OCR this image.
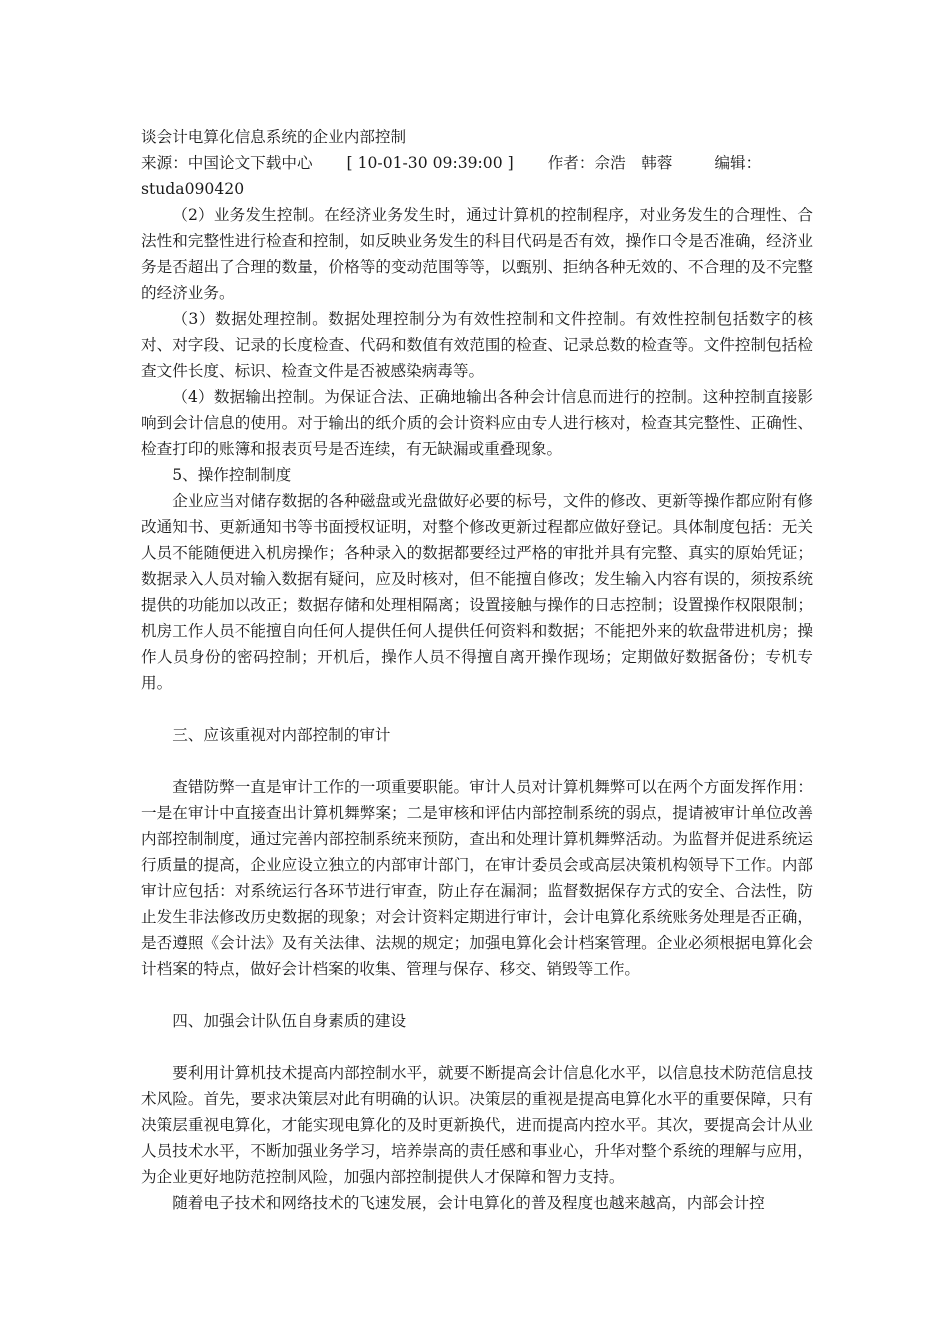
谈会计电算化信息系统的企业内部控制
来源：中国论文下载中心 [ 10-01-30 09:39:00 ] 作者：佘浩　韩蓉	编辑：
studa090420

（2）业务发生控制。在经济业务发生时，通过计算机的控制程序，对业务发生的合理性、合法性和完整性进行检查和控制，如反映业务发生的科目代码是否有效，操作口令是否准确，经济业务是否超出了合理的数量，价格等的变动范围等等，以甄别、拒纳各种无效的、不合理的及不完整的经济业务。

（3）数据处理控制。数据处理控制分为有效性控制和文件控制。有效性控制包括数字的核对、对字段、记录的长度检查、代码和数值有效范围的检查、记录总数的检查等。文件控制包括检查文件长度、标识、检查文件是否被感染病毒等。

（4）数据输出控制。为保证合法、正确地输出各种会计信息而进行的控制。这种控制直接影响到会计信息的使用。对于输出的纸介质的会计资料应由专人进行核对，检查其完整性、正确性、检查打印的账簿和报表页号是否连续，有无缺漏或重叠现象。

5、操作控制制度

企业应当对储存数据的各种磁盘或光盘做好必要的标号，文件的修改、更新等操作都应附有修改通知书、更新通知书等书面授权证明，对整个修改更新过程都应做好登记。具体制度包括：无关人员不能随便进入机房操作；各种录入的数据都要经过严格的审批并具有完整、真实的原始凭证；数据录入人员对输入数据有疑问，应及时核对，但不能擅自修改；发生输入内容有误的，须按系统提供的功能加以改正；数据存储和处理相隔离；设置接触与操作的日志控制；设置操作权限限制；机房工作人员不能擅自向任何人提供任何人提供任何资料和数据；不能把外来的软盘带进机房；操作人员身份的密码控制；开机后，操作人员不得擅自离开操作现场；定期做好数据备份；专机专用。

三、应该重视对内部控制的审计

查错防弊一直是审计工作的一项重要职能。审计人员对计算机舞弊可以在两个方面发挥作用：一是在审计中直接查出计算机舞弊案；二是审核和评估内部控制系统的弱点，提请被审计单位改善内部控制制度，通过完善内部控制系统来预防，查出和处理计算机舞弊活动。为监督并促进系统运行质量的提高，企业应设立独立的内部审计部门，在审计委员会或高层决策机构领导下工作。内部审计应包括：对系统运行各环节进行审查，防止存在漏洞；监督数据保存方式的安全、合法性，防止发生非法修改历史数据的现象；对会计资料定期进行审计，会计电算化系统账务处理是否正确，是否遵照《会计法》及有关法律、法规的规定；加强电算化会计档案管理。企业必须根据电算化会计档案的特点，做好会计档案的收集、管理与保存、移交、销毁等工作。

四、加强会计队伍自身素质的建设

要利用计算机技术提高内部控制水平，就要不断提高会计信息化水平，以信息技术防范信息技术风险。首先，要求决策层对此有明确的认识。决策层的重视是提高电算化水平的重要保障，只有决策层重视电算化，才能实现电算化的及时更新换代，进而提高内控水平。其次，要提高会计从业人员技术水平，不断加强业务学习，培养崇高的责任感和事业心，升华对整个系统的理解与应用，为企业更好地防范控制风险，加强内部控制提供人才保障和智力支持。

随着电子技术和网络技术的飞速发展，会计电算化的普及程度也越来越高，内部会计控
